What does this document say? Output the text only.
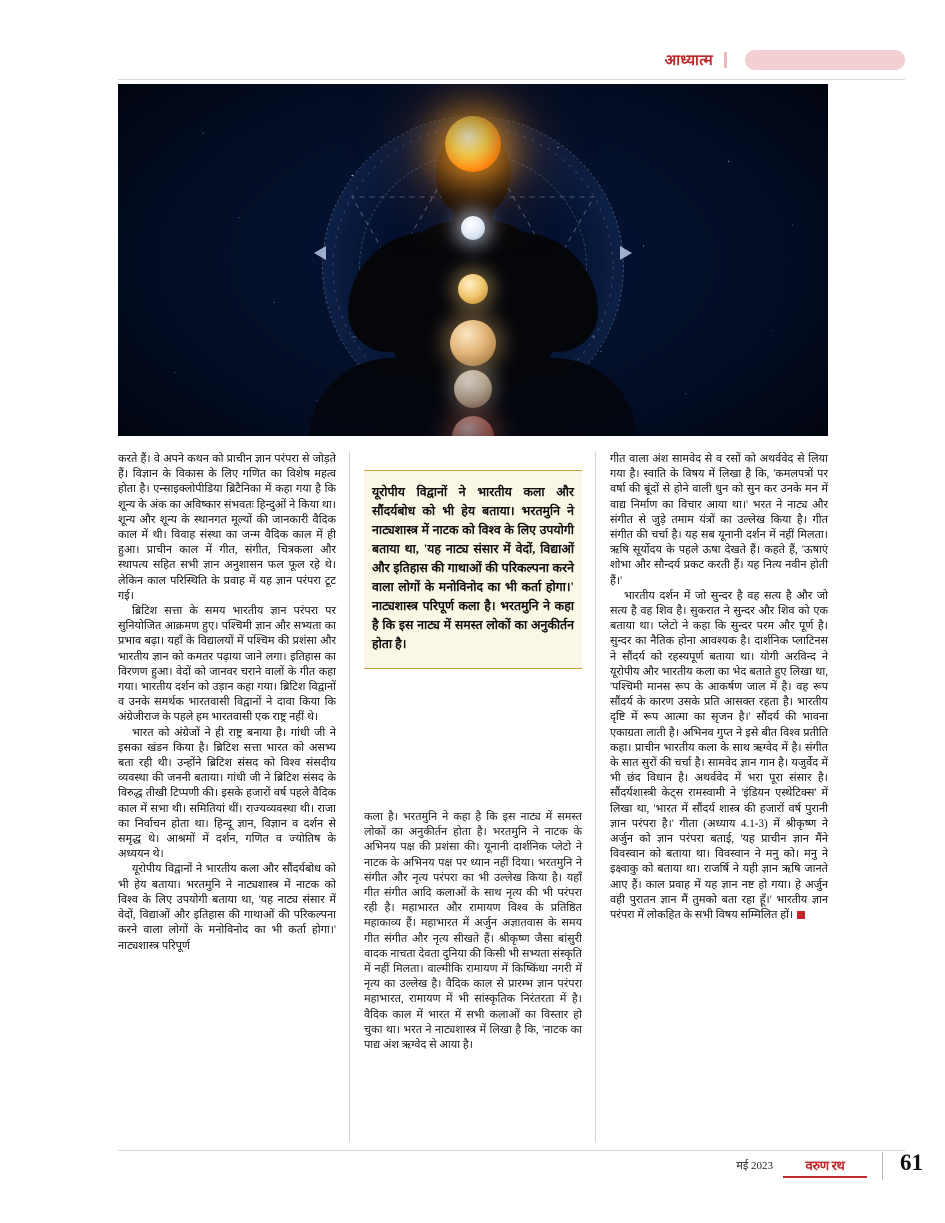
आध्यात्म

करते हैं। वे अपने कथन को प्राचीन ज्ञान परंपरा से जोड़ते हैं। विज्ञान के विकास के लिए गणित का विशेष महत्व होता है। एन्साइक्लोपीडिया ब्रिटैनिका में कहा गया है कि शून्य के अंक का अविष्कार संभवतः हिन्दुओं ने किया था। शून्य और शून्य के स्थानगत मूल्यों की जानकारी वैदिक काल में थी। विवाह संस्था का जन्म वैदिक काल में ही हुआ। प्राचीन काल में गीत, संगीत, चित्रकला और स्थापत्य सहित सभी ज्ञान अनुशासन फल फूल रहे थे। लेकिन काल परिस्थिति के प्रवाह में यह ज्ञान परंपरा टूट गई।

ब्रिटिश सत्ता के समय भारतीय ज्ञान परंपरा पर सुनियोजित आक्रमण हुए। पश्चिमी ज्ञान और सभ्यता का प्रभाव बढ़ा। यहाँ के विद्यालयों में पश्चिम की प्रशंसा और भारतीय ज्ञान को कमतर पढ़ाया जाने लगा। इतिहास का विरणण हुआ। वेदों को जानवर चराने वालों के गीत कहा गया। भारतीय दर्शन को उड़ान कहा गया। ब्रिटिश विद्वानों व उनके समर्थक भारतवासी विद्वानों ने दावा किया कि अंग्रेजीराज के पहले हम भारतवासी एक राष्ट्र नहीं थे।

भारत को अंग्रेजों ने ही राष्ट्र बनाया है। गांधी जी ने इसका खंडन किया है। ब्रिटिश सत्ता भारत को असभ्य बता रही थी। उन्होंने ब्रिटिश संसद को विश्व संसदीय व्यवस्था की जननी बताया। गांधी जी ने ब्रिटिश संसद के विरुद्ध तीखी टिप्पणी की। इसके हजारों वर्ष पहले वैदिक काल में सभा थी। समितियां थीं। राज्यव्यवस्था थी। राजा का निर्वाचन होता था। हिन्दू ज्ञान, विज्ञान व दर्शन से समृद्ध थे। आश्रमों में दर्शन, गणित व ज्योतिष के अध्ययन थे।

यूरोपीय विद्वानों ने भारतीय कला और सौंदर्यबोध को भी हेय बताया। भरतमुनि ने नाट्यशास्त्र में नाटक को विश्व के लिए उपयोगी बताया था, 'यह नाट्य संसार में वेदों, विद्याओं और इतिहास की गाथाओं की परिकल्पना करने वाला लोगों के मनोविनोद का भी कर्ता होगा।' नाट्यशास्त्र परिपूर्ण

यूरोपीय विद्वानों ने भारतीय कला और सौंदर्यबोध को भी हेय बताया। भरतमुनि ने नाट्यशास्त्र में नाटक को विश्व के लिए उपयोगी बताया था, 'यह नाट्य संसार में वेदों, विद्याओं और इतिहास की गाथाओं की परिकल्पना करने वाला लोगों के मनोविनोद का भी कर्ता होगा।' नाट्यशास्त्र परिपूर्ण कला है। भरतमुनि ने कहा है कि इस नाट्य में समस्त लोकों का अनुकीर्तन होता है।

कला है। भरतमुनि ने कहा है कि इस नाट्य में समस्त लोकों का अनुकीर्तन होता है। भरतमुनि ने नाटक के अभिनय पक्ष की प्रशंसा की। यूनानी दार्शनिक प्लेटो ने नाटक के अभिनय पक्ष पर ध्यान नहीं दिया। भरतमुनि ने संगीत और नृत्य परंपरा का भी उल्लेख किया है। यहाँ गीत संगीत आदि कलाओं के साथ नृत्य की भी परंपरा रही है। महाभारत और रामायण विश्व के प्रतिष्ठित महाकाव्य हैं। महाभारत में अर्जुन अज्ञातवास के समय गीत संगीत और नृत्य सीखते हैं। श्रीकृष्ण जैसा बांसुरी वादक नाचता देवता दुनिया की किसी भी सभ्यता संस्कृति में नहीं मिलता। वाल्मीकि रामायण में किष्किंधा नगरी में नृत्य का उल्लेख है। वैदिक काल से प्रारम्भ ज्ञान परंपरा महाभारत, रामायण में भी सांस्कृतिक निरंतरता में है। वैदिक काल में भारत में सभी कलाओं का विस्तार हो चुका था। भरत ने नाट्यशास्त्र में लिखा है कि, 'नाटक का पाद्य अंश ऋग्वेद से आया है।

गीत वाला अंश सामवेद से व रसों को अथर्ववेद से लिया गया है। स्वाति के विषय में लिखा है कि, 'कमलपत्रों पर वर्षा की बूंदों से होने वाली धुन को सुन कर उनके मन में वाद्य निर्माण का विचार आया था।' भरत ने नाट्य और संगीत से जुड़े तमाम यंत्रों का उल्लेख किया है। गीत संगीत की चर्चा है। यह सब यूनानी दर्शन में नहीं मिलता। ऋषि सूर्योदय के पहले ऊषा देखते हैं। कहते हैं, 'ऊषाएं शोभा और सौन्दर्य प्रकट करती हैं। यह नित्य नवीन होती हैं।'

भारतीय दर्शन में जो सुन्दर है वह सत्य है और जो सत्य है वह शिव है। सुकरात ने सुन्दर और शिव को एक बताया था। प्लेटो ने कहा कि सुन्दर परम और पूर्ण है। सुन्दर का नैतिक होना आवश्यक है। दार्शनिक प्लाटिनस ने सौंदर्य को रहस्यपूर्ण बताया था। योगी अरविन्द ने यूरोपीय और भारतीय कला का भेद बताते हुए लिखा था, 'पश्चिमी मानस रूप के आकर्षण जाल में है। वह रूप सौंदर्य के कारण उसके प्रति आसक्त रहता है। भारतीय दृष्टि में रूप आत्मा का सृजन है।' सौंदर्य की भावना एकाग्रता लाती है। अभिनव गुप्त ने इसे बीत विश्व प्रतीति कहा। प्राचीन भारतीय कला के साथ ऋग्वेद में है। संगीत के सात सुरों की चर्चा है। सामवेद ज्ञान गान है। यजुर्वेद में भी छंद विधान है। अथर्ववेद में भरा पूरा संसार है। सौंदर्यशास्त्री केट्स रामस्वामी ने 'इंडियन एस्थेटिक्स' में लिखा था, 'भारत में सौंदर्य शास्त्र की हजारों वर्ष पुरानी ज्ञान परंपरा है।' गीता (अध्याय 4.1-3) में श्रीकृष्ण ने अर्जुन को ज्ञान परंपरा बताई, 'यह प्राचीन ज्ञान मैंने विवस्वान को बताया था। विवस्वान ने मनु को। मनु ने इक्ष्वाकु को बताया था। राजर्षि ने यही ज्ञान ऋषि जानते आए हैं। काल प्रवाह में यह ज्ञान नष्ट हो गया। हे अर्जुन वही पुरातन ज्ञान मैं तुमको बता रहा हूँ।' भारतीय ज्ञान परंपरा में लोकहित के सभी विषय सम्मिलित हों।

मई 2023	वरुण रथ	61
